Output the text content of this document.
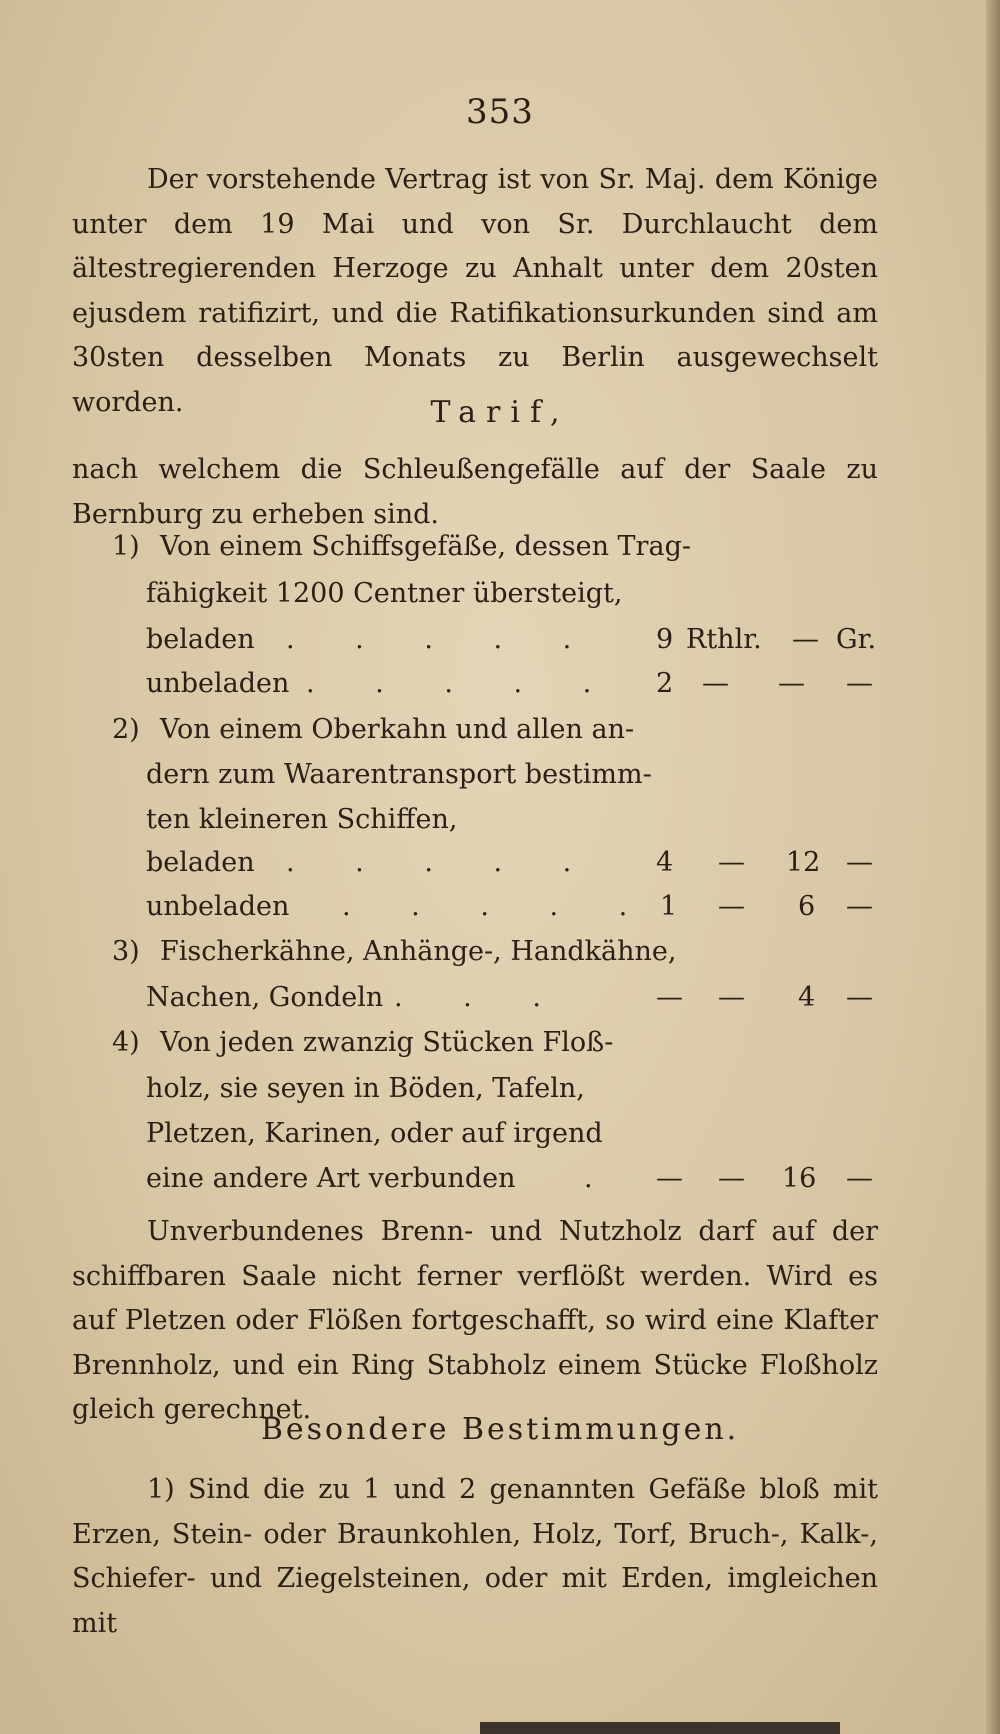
353

Der vorstehende Vertrag ist von Sr. Maj. dem Könige unter dem 19 Mai und von Sr. Durchlaucht dem ältestregierenden Herzoge zu Anhalt unter dem 20sten ejusdem ratifizirt, und die Ratifikationsurkunden sind am 30sten desselben Monats zu Berlin ausgewechselt worden.	Tarif,

nach welchem die Schleußengefälle auf der Saale zu Bernburg zu erheben sind.

1) Von einem Schiffsgefäße, dessen Trag-
fähigkeit 1200 Centner übersteigt,
beladen . . . . . 9 Rthlr. — Gr.
unbeladen . . . . . 2 — — —
2) Von einem Oberkahn und allen an-
dern zum Waarentransport bestimm-
ten kleineren Schiffen,
beladen . . . . . 4 — 12 —
unbeladen . . . . . 1 — 6 —
3) Fischerkähne, Anhänge-, Handkähne,
Nachen, Gondeln . . .	— — 4 —
4) Von jeden zwanzig Stücken Floß-
holz, sie seyen in Böden, Tafeln,
Pletzen, Karinen, oder auf irgend
eine andere Art verbunden	. — — 16 —

Unverbundenes Brenn- und Nutzholz darf auf der schiffbaren Saale nicht ferner verflößt werden. Wird es auf Pletzen oder Flößen fortgeschafft, so wird eine Klafter Brennholz, und ein Ring Stabholz einem Stücke Floßholz gleich gerechnet.

Besondere Bestimmungen.

1) Sind die zu 1 und 2 genannten Gefäße bloß mit Erzen, Stein- oder Braunkohlen, Holz, Torf, Bruch-, Kalk-, Schiefer- und Ziegelsteinen, oder mit Erden, imgleichen mit
